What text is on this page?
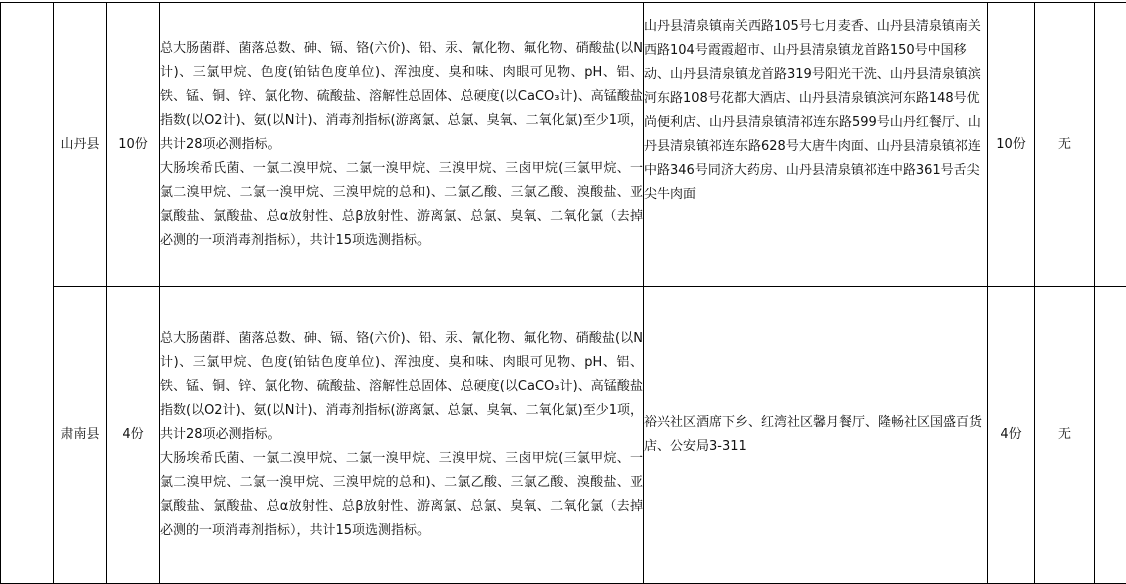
	山丹县	10份	总大肠菌群、菌落总数、砷、镉、铬(六价)、铅、汞、氰化物、氟化物、硝酸盐(以N计)、三氯甲烷、色度(铂钴色度单位)、浑浊度、臭和味、肉眼可见物、pH、铝、铁、锰、铜、锌、氯化物、硫酸盐、溶解性总固体、总硬度(以CaCO₃计)、高锰酸盐指数(以O2计)、氨(以N计)、消毒剂指标(游离氯、总氯、臭氧、二氧化氯)至少1项，共计28项必测指标。

大肠埃希氏菌、一氯二溴甲烷、二氯一溴甲烷、三溴甲烷、三卤甲烷(三氯甲烷、一氯二溴甲烷、二氯一溴甲烷、三溴甲烷的总和)、二氯乙酸、三氯乙酸、溴酸盐、亚氯酸盐、氯酸盐、总α放射性、总β放射性、游离氯、总氯、臭氧、二氧化氯（去掉必测的一项消毒剂指标），共计15项选测指标。	山丹县清泉镇南关西路105号七月麦香、山丹县清泉镇南关西路104号霞霞超市、山丹县清泉镇龙首路150号中国移动、山丹县清泉镇龙首路319号阳光干洗、山丹县清泉镇滨河东路108号花都大酒店、山丹县清泉镇滨河东路148号优尚便利店、山丹县清泉镇清祁连东路599号山丹红餐厅、山丹县清泉镇祁连东路628号大唐牛肉面、山丹县清泉镇祁连中路346号同济大药房、山丹县清泉镇祁连中路361号舌尖尖牛肉面	10份	无		
	肃南县	4份	总大肠菌群、菌落总数、砷、镉、铬(六价)、铅、汞、氰化物、氟化物、硝酸盐(以N计)、三氯甲烷、色度(铂钴色度单位)、浑浊度、臭和味、肉眼可见物、pH、铝、铁、锰、铜、锌、氯化物、硫酸盐、溶解性总固体、总硬度(以CaCO₃计)、高锰酸盐指数(以O2计)、氨(以N计)、消毒剂指标(游离氯、总氯、臭氧、二氧化氯)至少1项，共计28项必测指标。

大肠埃希氏菌、一氯二溴甲烷、二氯一溴甲烷、三溴甲烷、三卤甲烷(三氯甲烷、一氯二溴甲烷、二氯一溴甲烷、三溴甲烷的总和)、二氯乙酸、三氯乙酸、溴酸盐、亚氯酸盐、氯酸盐、总α放射性、总β放射性、游离氯、总氯、臭氧、二氧化氯（去掉必测的一项消毒剂指标），共计15项选测指标。	裕兴社区酒席下乡、红湾社区馨月餐厅、隆畅社区国盛百货店、公安局3-311	4份	无		
